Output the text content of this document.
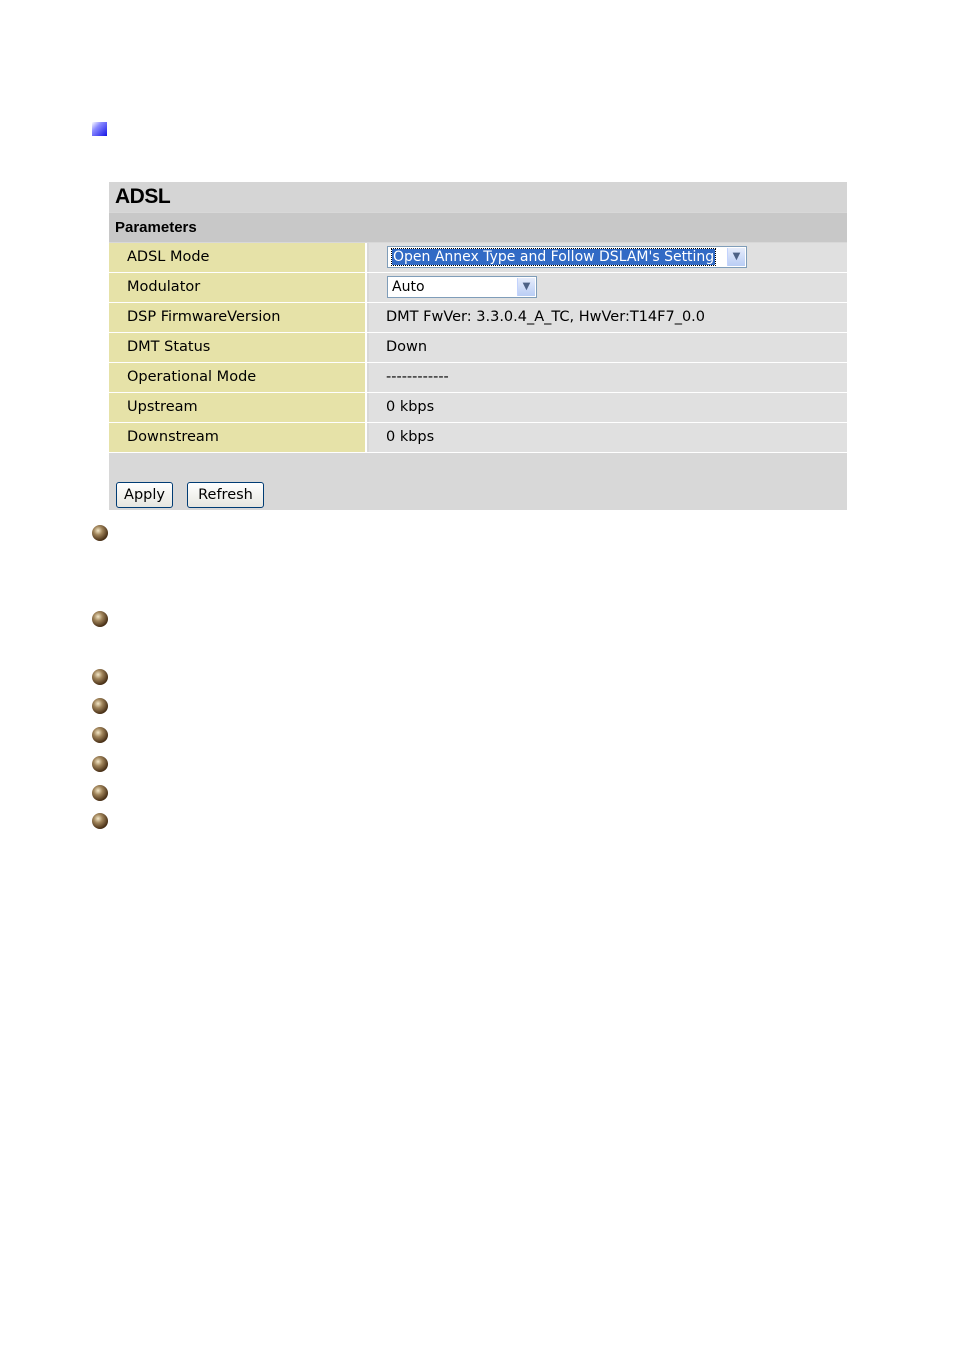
ADSL
Parameters
ADSL Mode	Open Annex Type and Follow DSLAM's Setting	▼
Modulator	Auto	▼
DSP FirmwareVersion	DMT FwVer: 3.3.0.4_A_TC, HwVer:T14F7_0.0
DMT Status	Down
Operational Mode	------------
Upstream	0 kbps
Downstream	0 kbps
Apply	Refresh
